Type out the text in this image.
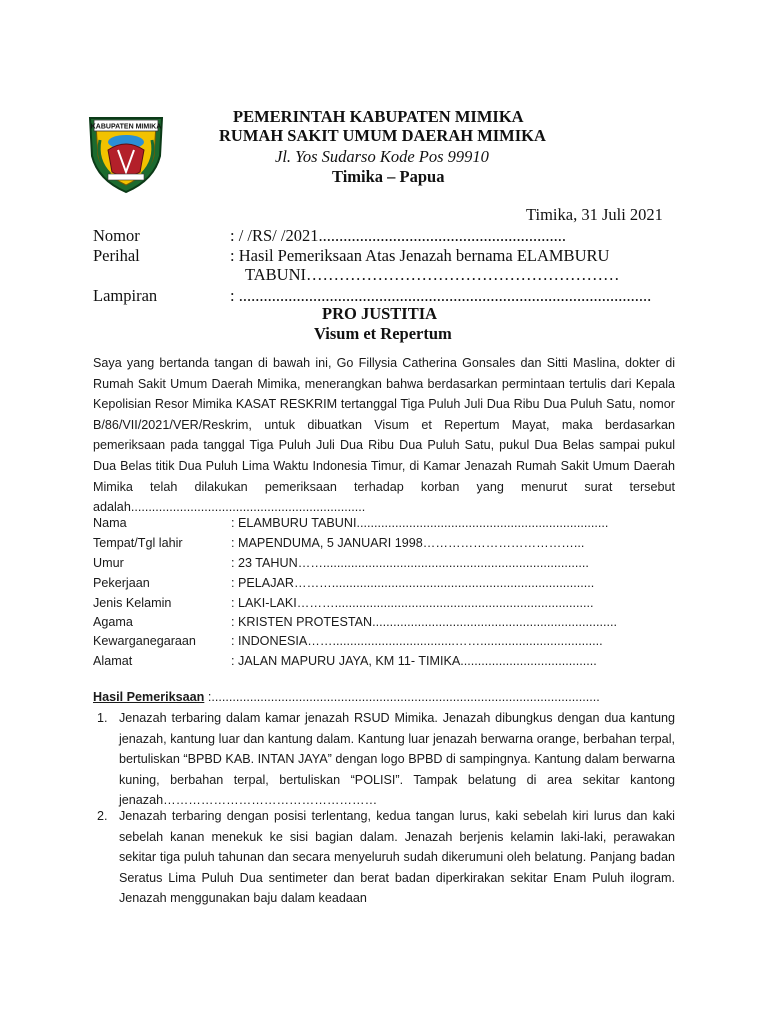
KABUPATEN MIMIKA
PEMERINTAH KABUPATEN MIMIKA
RUMAH SAKIT UMUM DAERAH MIMIKA
Jl. Yos Sudarso Kode Pos 99910
Timika – Papua
Timika, 31 Juli 2021
Nomor	: / /RS/ /2021............................................................
Perihal	: Hasil Pemeriksaan Atas Jenazah bernama ELAMBURU
TABUNI…………………………………………………
Lampiran	: ....................................................................................................
PRO JUSTITIA
Visum et Repertum
Saya yang bertanda tangan di bawah ini, Go Fillysia Catherina Gonsales dan Sitti Maslina, dokter di Rumah Sakit Umum Daerah Mimika, menerangkan bahwa berdasarkan permintaan tertulis dari Kepala Kepolisian Resor Mimika KASAT RESKRIM tertanggal Tiga Puluh Juli Dua Ribu Dua Puluh Satu, nomor B/86/VII/2021/VER/Reskrim, untuk dibuatkan Visum et Repertum Mayat, maka berdasarkan pemeriksaan pada tanggal Tiga Puluh Juli Dua Ribu Dua Puluh Satu, pukul Dua Belas sampai pukul Dua Belas titik Dua Puluh Lima Waktu Indonesia Timur, di Kamar Jenazah Rumah Sakit Umum Daerah Mimika telah dilakukan pemeriksaan terhadap korban yang menurut surat tersebut adalah...................................................................
Nama	: ELAMBURU TABUNI........................................................................
Tempat/Tgl lahir	: MAPENDUMA, 5 JANUARI 1998………………………………...
Umur	: 23 TAHUN……............................................................................
Pekerjaan	: PELAJAR………...........................................................................
Jenis Kelamin	: LAKI-LAKI………..........................................................................
Agama	: KRISTEN PROTESTAN......................................................................
Kewarganegaraan	: INDONESIA……...................................……...................................
Alamat	: JALAN MAPURU JAYA, KM 11- TIMIKA.......................................
Hasil Pemeriksaan :...............................................................................................................
1. Jenazah terbaring dalam kamar jenazah RSUD Mimika. Jenazah dibungkus dengan dua kantung jenazah, kantung luar dan kantung dalam. Kantung luar jenazah berwarna orange, berbahan terpal, bertuliskan “BPBD KAB. INTAN JAYA” dengan logo BPBD di sampingnya. Kantung dalam berwarna kuning, berbahan terpal, bertuliskan “POLISI”. Tampak belatung di area sekitar kantong jenazah……………………………………………
2. Jenazah terbaring dengan posisi terlentang, kedua tangan lurus, kaki sebelah kiri lurus dan kaki sebelah kanan menekuk ke sisi bagian dalam. Jenazah berjenis kelamin laki-laki, perawakan sekitar tiga puluh tahunan dan secara menyeluruh sudah dikerumuni oleh belatung. Panjang badan Seratus Lima Puluh Dua sentimeter dan berat badan diperkirakan sekitar Enam Puluh ilogram. Jenazah menggunakan baju dalam keadaan
